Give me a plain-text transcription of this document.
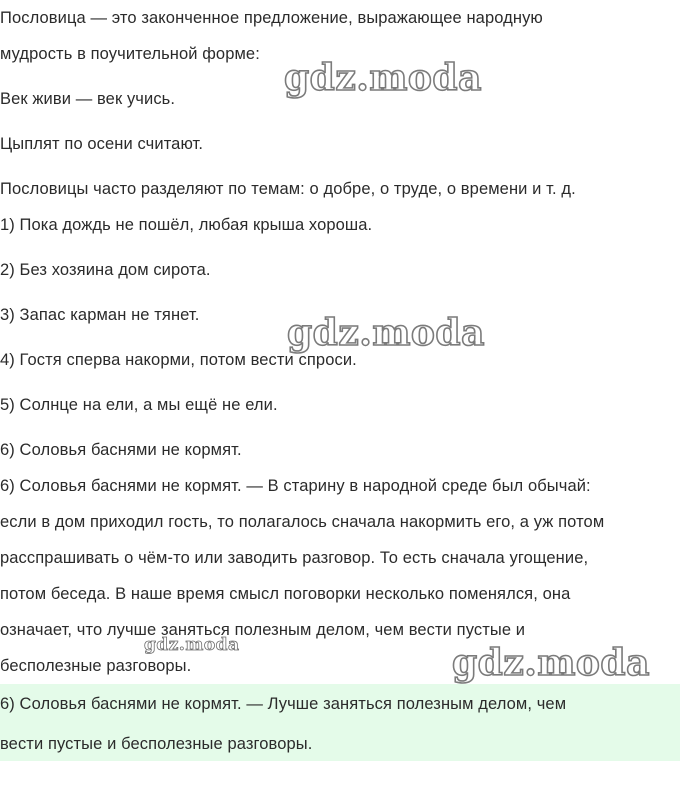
Пословица — это законченное предложение, выражающее народную
мудрость в поучительной форме:
Век живи — век учись.
Цыплят по осени считают.
Пословицы часто разделяют по темам: о добре, о труде, о времени и т. д.
1) Пока дождь не пошёл, любая крыша хороша.
2) Без хозяина дом сирота.
3) Запас карман не тянет.
4) Гостя сперва накорми, потом вести спроси.
5) Солнце на ели, а мы ещё не ели.
6) Соловья баснями не кормят.
6) Соловья баснями не кормят. — В старину в народной среде был обычай:
если в дом приходил гость, то полагалось сначала накормить его, а уж потом
расспрашивать о чём-то или заводить разговор. То есть сначала угощение,
потом беседа. В наше время смысл поговорки несколько поменялся, она
означает, что лучше заняться полезным делом, чем вести пустые и
бесполезные разговоры.
6) Соловья баснями не кормят. — Лучше заняться полезным делом, чем
вести пустые и бесполезные разговоры.
gdz.moda
gdz.moda
gdz.moda	gdz.moda
